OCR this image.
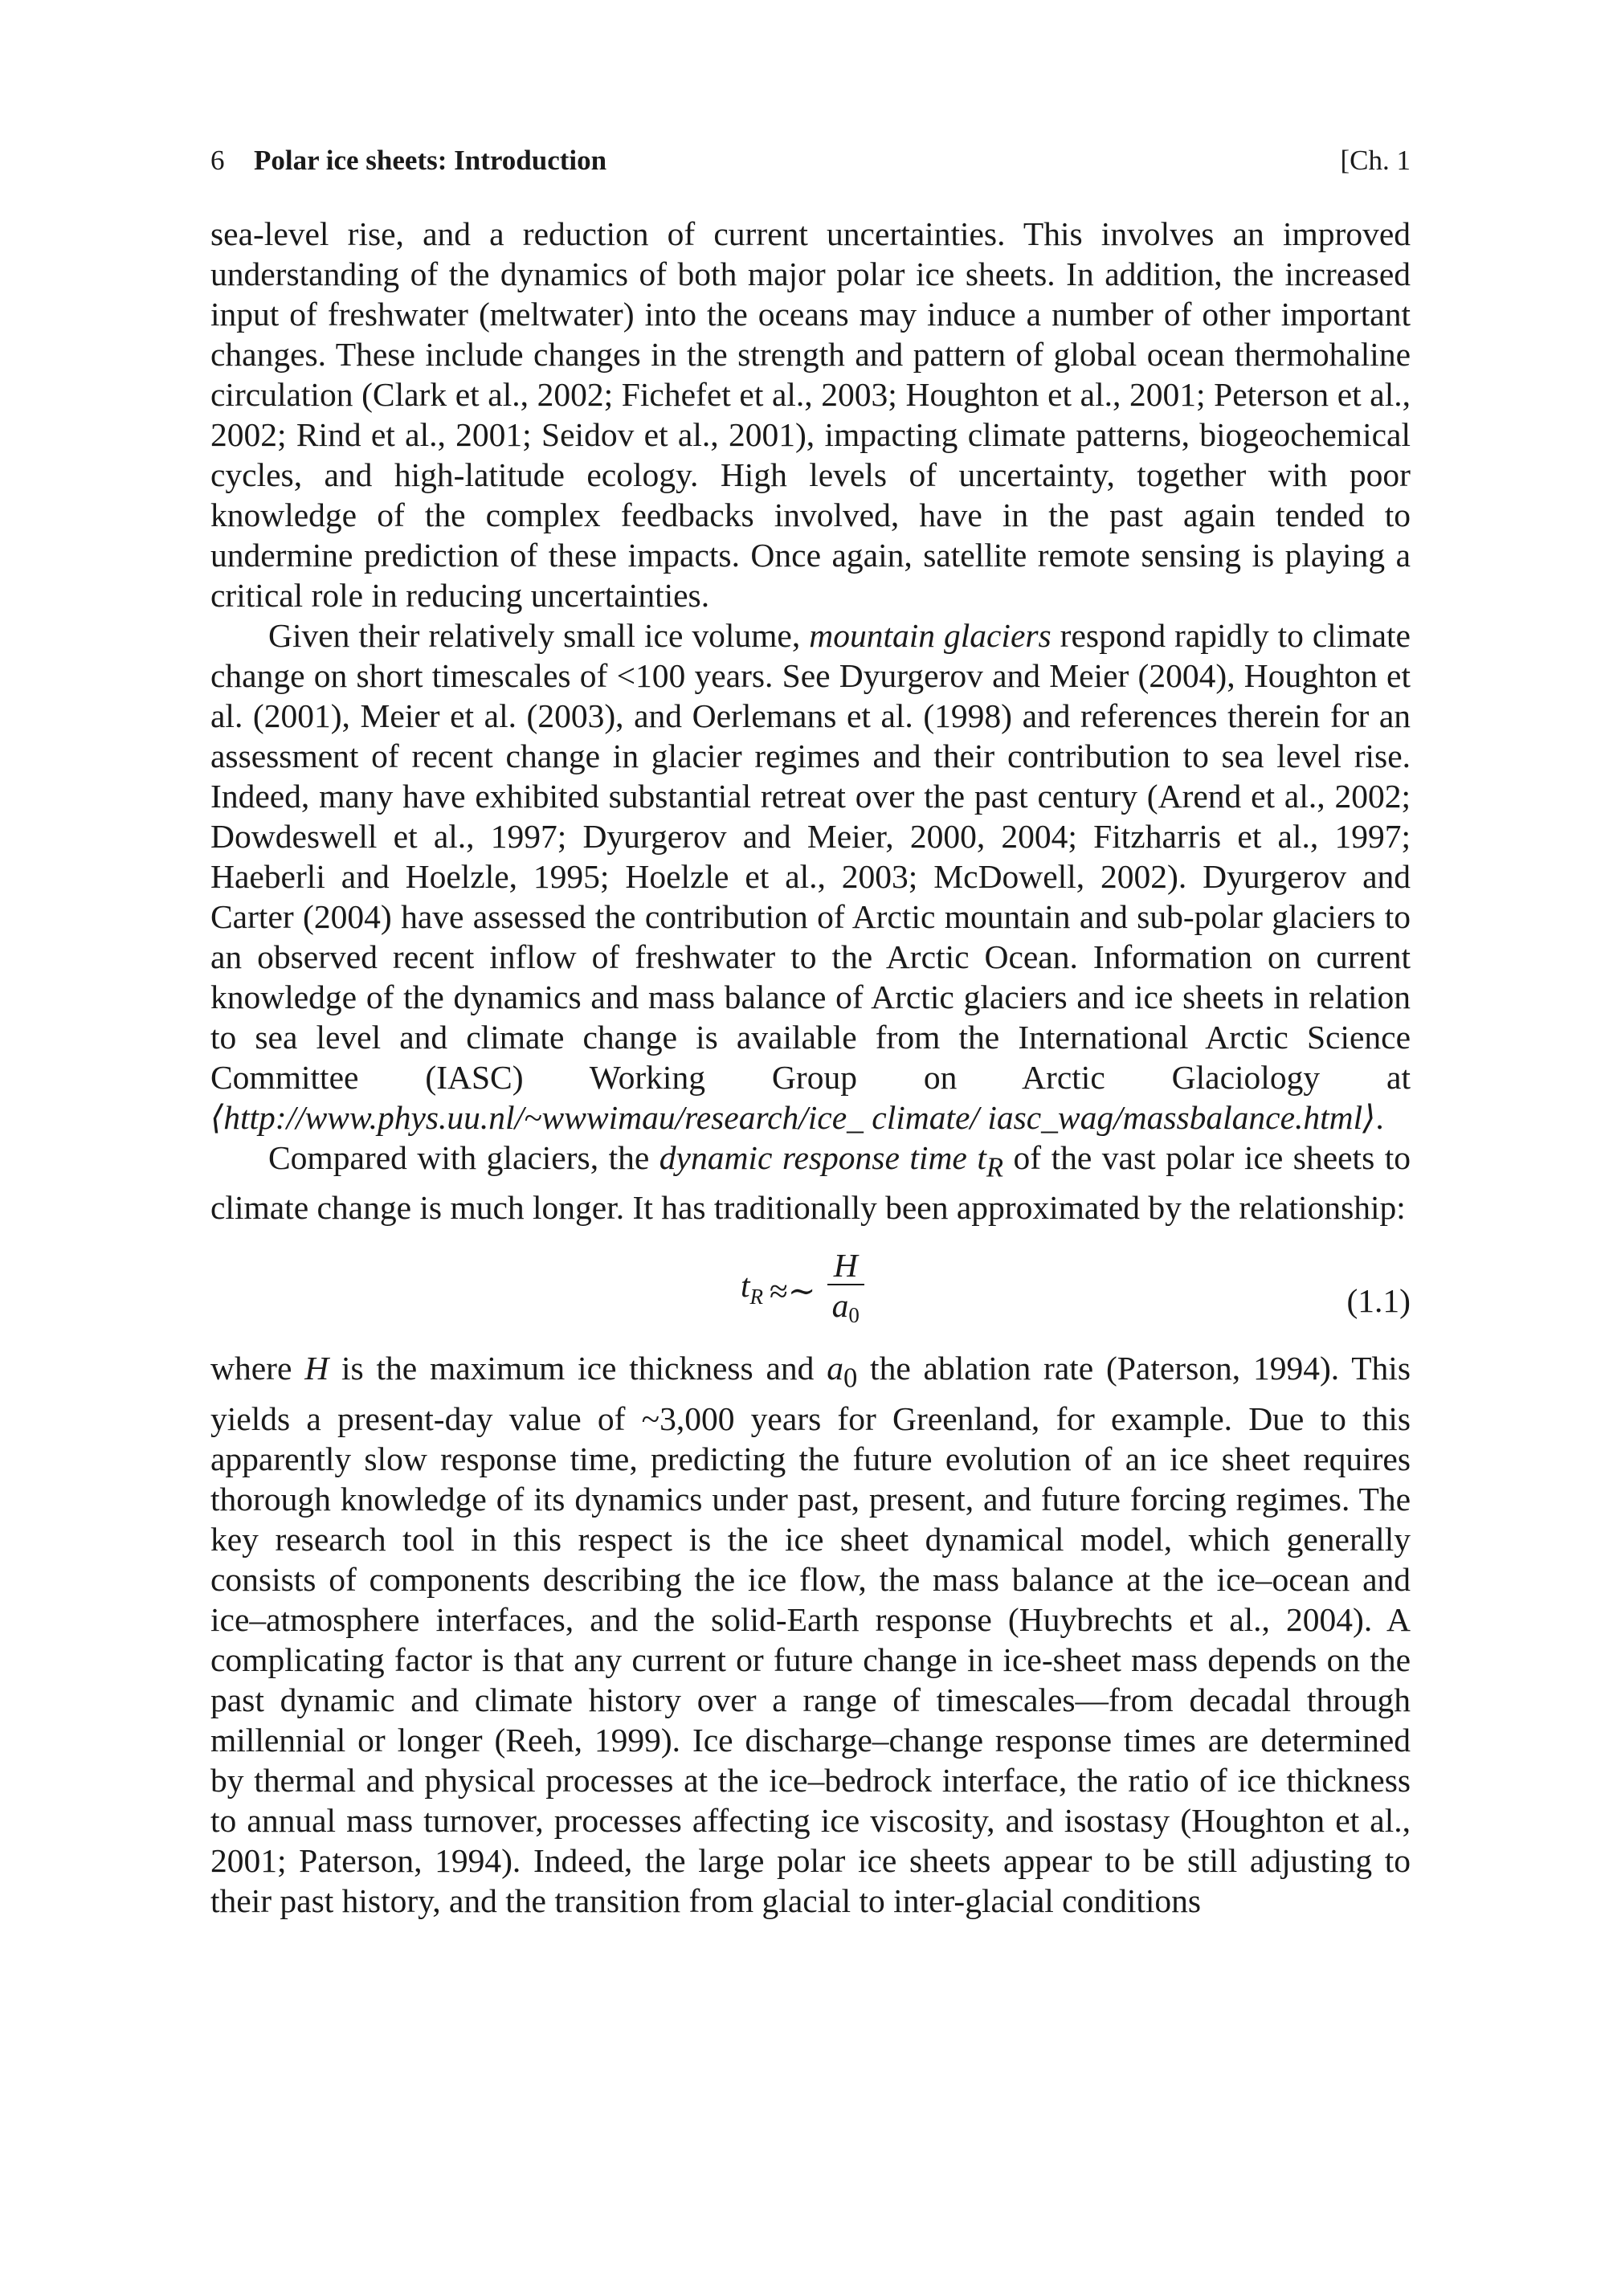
6 Polar ice sheets: Introduction	[Ch. 1

sea-level rise, and a reduction of current uncertainties. This involves an improved understanding of the dynamics of both major polar ice sheets. In addition, the increased input of freshwater (meltwater) into the oceans may induce a number of other important changes. These include changes in the strength and pattern of global ocean thermohaline circulation (Clark et al., 2002; Fichefet et al., 2003; Houghton et al., 2001; Peterson et al., 2002; Rind et al., 2001; Seidov et al., 2001), impacting climate patterns, biogeochemical cycles, and high-latitude ecology. High levels of uncertainty, together with poor knowledge of the complex feedbacks involved, have in the past again tended to undermine prediction of these impacts. Once again, satellite remote sensing is playing a critical role in reducing uncertainties.

Given their relatively small ice volume, mountain glaciers respond rapidly to climate change on short timescales of <100 years. See Dyurgerov and Meier (2004), Houghton et al. (2001), Meier et al. (2003), and Oerlemans et al. (1998) and references therein for an assessment of recent change in glacier regimes and their contribution to sea level rise. Indeed, many have exhibited substantial retreat over the past century (Arend et al., 2002; Dowdeswell et al., 1997; Dyurgerov and Meier, 2000, 2004; Fitzharris et al., 1997; Haeberli and Hoelzle, 1995; Hoelzle et al., 2003; McDowell, 2002). Dyurgerov and Carter (2004) have assessed the contribution of Arctic mountain and sub-polar glaciers to an observed recent inflow of freshwater to the Arctic Ocean. Information on current knowledge of the dynamics and mass balance of Arctic glaciers and ice sheets in relation to sea level and climate change is available from the International Arctic Science Committee (IASC) Working Group on Arctic Glaciology at ⟨http://www.phys.uu.nl/~wwwimau/research/ice_ climate/ iasc_wag/massbalance.html⟩.

Compared with glaciers, the dynamic response time $t_R$ of the vast polar ice sheets to climate change is much longer. It has traditionally been approximated by the relationship:

$t_R$ ≈∼ $\frac{H}{a_0}$	(1.1)

where H is the maximum ice thickness and $a_0$ the ablation rate (Paterson, 1994). This yields a present-day value of ~3,000 years for Greenland, for example. Due to this apparently slow response time, predicting the future evolution of an ice sheet requires thorough knowledge of its dynamics under past, present, and future forcing regimes. The key research tool in this respect is the ice sheet dynamical model, which generally consists of components describing the ice flow, the mass balance at the ice–ocean and ice–atmosphere interfaces, and the solid-Earth response (Huybrechts et al., 2004). A complicating factor is that any current or future change in ice-sheet mass depends on the past dynamic and climate history over a range of timescales—from decadal through millennial or longer (Reeh, 1999). Ice discharge–change response times are determined by thermal and physical processes at the ice–bedrock interface, the ratio of ice thickness to annual mass turnover, processes affecting ice viscosity, and isostasy (Houghton et al., 2001; Paterson, 1994). Indeed, the large polar ice sheets appear to be still adjusting to their past history, and the transition from glacial to inter-glacial conditions
